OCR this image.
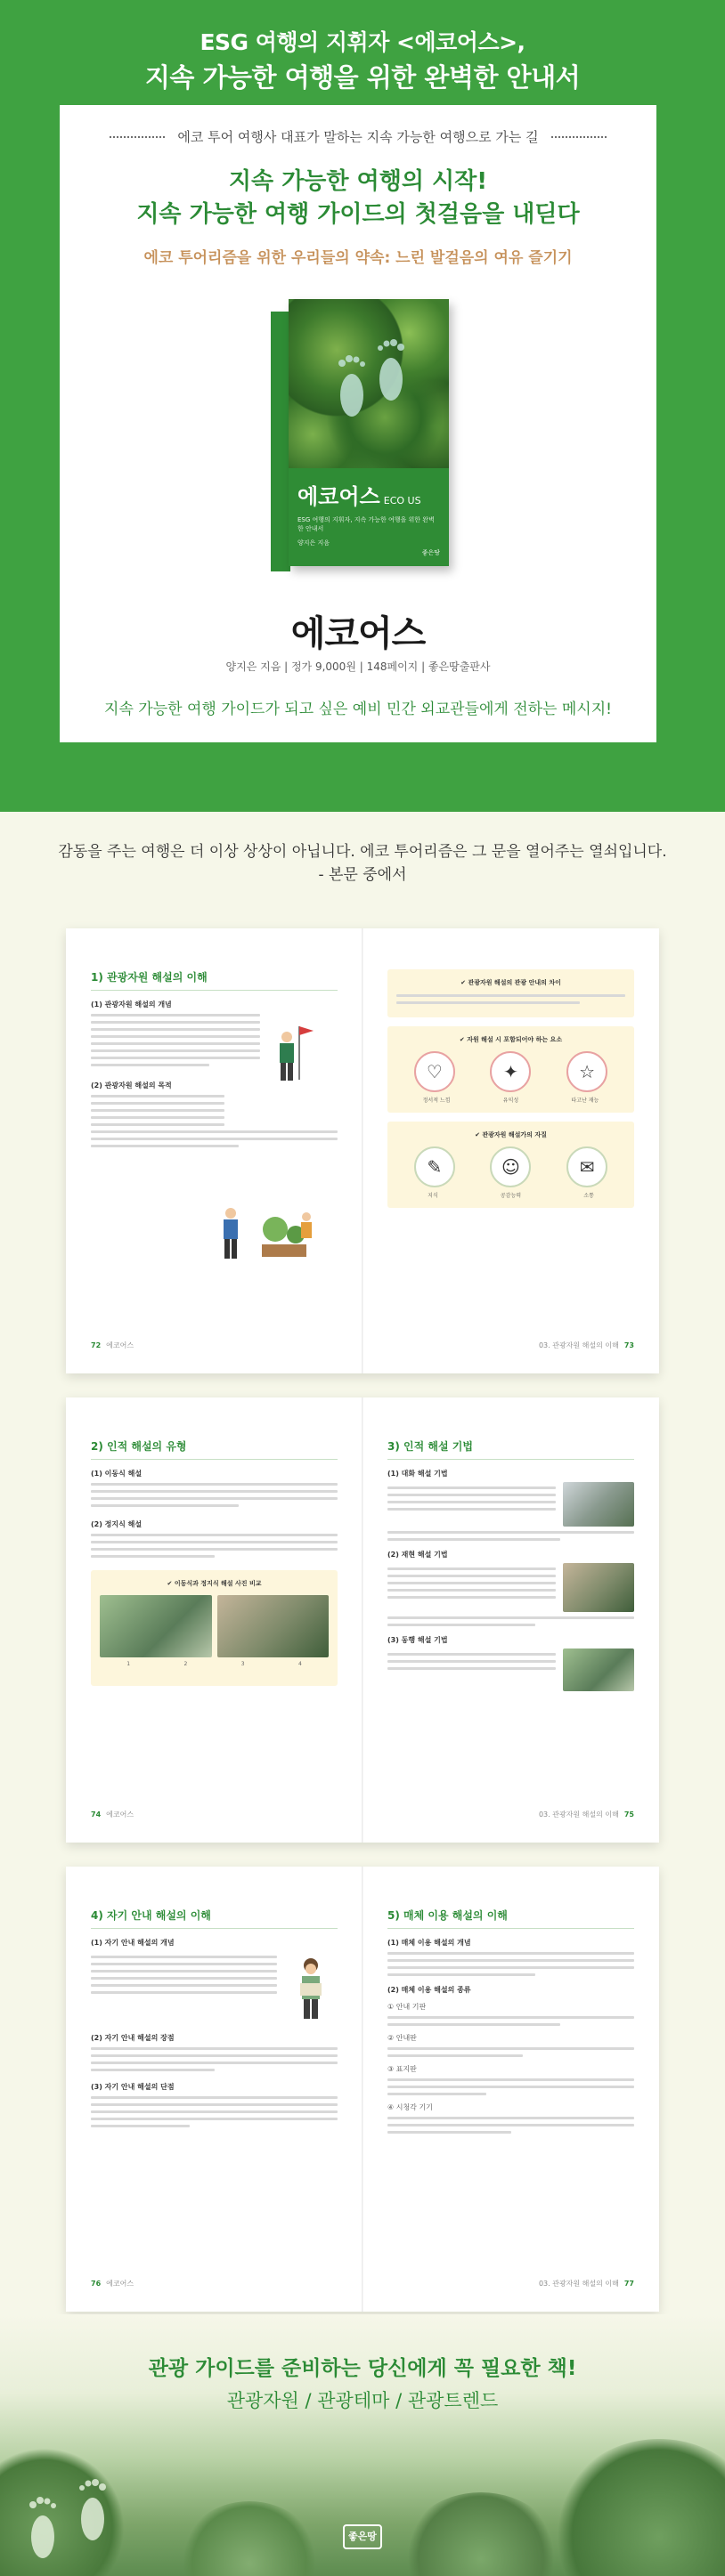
ESG 여행의 지휘자 <에코어스>,
지속 가능한 여행을 위한 완벽한 안내서
에코 투어 여행사 대표가 말하는 지속 가능한 여행으로 가는 길
지속 가능한 여행의 시작!
지속 가능한 여행 가이드의 첫걸음을 내딛다
에코 투어리즘을 위한 우리들의 약속: 느린 발걸음의 여유 즐기기
에코어스 ECO US
ESG 여행의 지휘자, 지속 가능한 여행을 위한 완벽한 안내서
양지은 지음
좋은땅
에코어스
양지은 지음 | 정가 9,000원 | 148페이지 | 좋은땅출판사
지속 가능한 여행 가이드가 되고 싶은 예비 민간 외교관들에게 전하는 메시지!
감동을 주는 여행은 더 이상 상상이 아닙니다. 에코 투어리즘은 그 문을 열어주는 열쇠입니다.
- 본문 중에서
1) 관광자원 해설의 이해
(1) 관광자원 해설의 개념
(2) 관광자원 해설의 목적
72 에코어스
✔ 관광자원 해설의 관광 안내의 차이
✔ 자원 해설 시 포함되어야 하는 요소
♡	✦	☆
정서적 느낌	유익성	타고난 재능
✔ 관광자원 해설가의 자질
✎	☺	✉
지식	공감능력	소통
03. 관광자원 해설의 이해 73
2) 인적 해설의 유형
(1) 이동식 해설
(2) 정지식 해설
✔ 이동식과 정지식 해설 사진 비교
1	2	3	4
74 에코어스
3) 인적 해설 기법
(1) 대화 해설 기법
(2) 재현 해설 기법
(3) 동행 해설 기법
03. 관광자원 해설의 이해 75
4) 자기 안내 해설의 이해
(1) 자기 안내 해설의 개념
(2) 자기 안내 해설의 장점
(3) 자기 안내 해설의 단점
76 에코어스
5) 매체 이용 해설의 이해
(1) 매체 이용 해설의 개념
(2) 매체 이용 해설의 종류
① 안내 기판
② 안내판
③ 표지판
④ 시청각 기기
03. 관광자원 해설의 이해 77
관광 가이드를 준비하는 당신에게 꼭 필요한 책!
관광자원 / 관광테마 / 관광트렌드
좋은땅
